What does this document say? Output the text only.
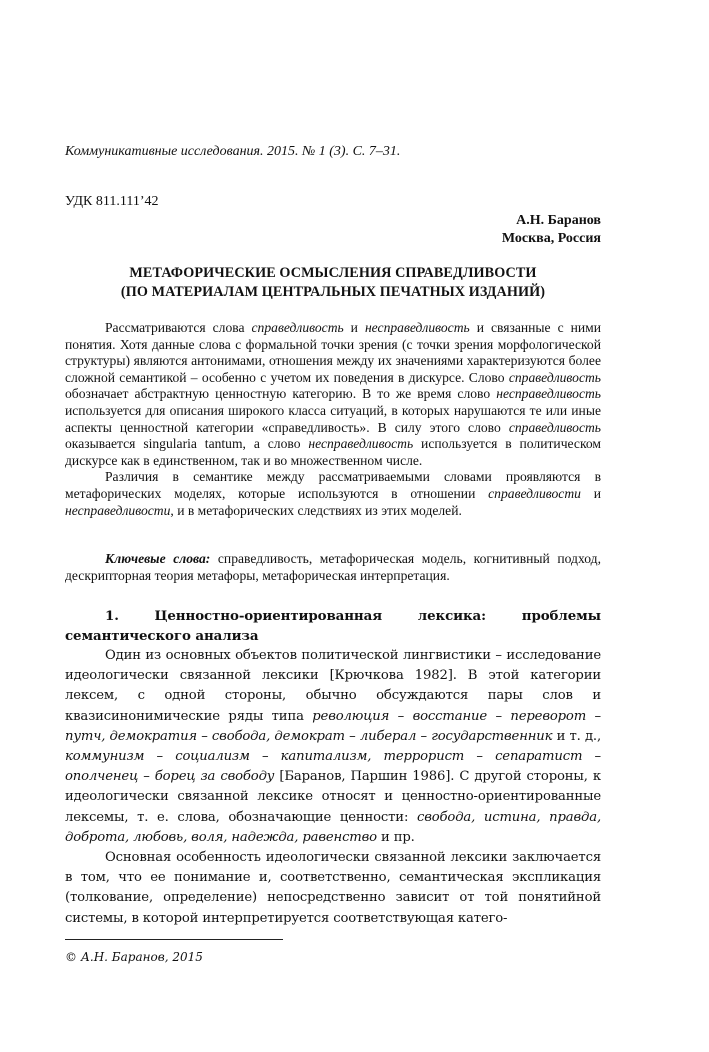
Коммуникативные исследования. 2015. № 1 (3). С. 7–31.
УДК 811.111’42
А.Н. Баранов
Москва, Россия
МЕТАФОРИЧЕСКИЕ ОСМЫСЛЕНИЯ СПРАВЕДЛИВОСТИ
(ПО МАТЕРИАЛАМ ЦЕНТРАЛЬНЫХ ПЕЧАТНЫХ ИЗДАНИЙ)

Рассматриваются слова справедливость и несправедливость и связанные с ними понятия. Хотя данные слова с формальной точки зрения (с точки зрения морфологической структуры) являются антонимами, отношения между их значениями характеризуются более сложной семантикой – особенно с учетом их поведения в дискурсе. Слово справедливость обозначает абстрактную ценностную категорию. В то же время слово несправедливость используется для описания широкого класса ситуаций, в которых нарушаются те или иные аспекты ценностной категории «справедливость». В силу этого слово справедливость оказывается singularia tantum, а слово несправедливость используется в политическом дискурсе как в единственном, так и во множественном числе.

Различия в семантике между рассматриваемыми словами проявляются в метафорических моделях, которые используются в отношении справедливости и несправедливости, и в метафорических следствиях из этих моделей.

Ключевые слова: справедливость, метафорическая модель, когнитивный подход, дескрипторная теория метафоры, метафорическая интерпретация.

1. Ценностно-ориентированная лексика: проблемы семантического анализа

Один из основных объектов политической лингвистики – исследование идеологически связанной лексики [Крючкова 1982]. В этой категории лексем, с одной стороны, обычно обсуждаются пары слов и квазисинонимические ряды типа революция – восстание – переворот – путч, демократия – свобода, демократ – либерал – государственник и т. д., коммунизм – социализм – капитализм, террорист – сепаратист – ополченец – борец за свободу [Баранов, Паршин 1986]. С другой стороны, к идеологически связанной лексике относят и ценностно-ориентированные лексемы, т. е. слова, обозначающие ценности: свобода, истина, правда, доброта, любовь, воля, надежда, равенство и пр.

Основная особенность идеологически связанной лексики заключается в том, что ее понимание и, соответственно, семантическая экспликация (толкование, определение) непосредственно зависит от той понятийной системы, в которой интерпретируется соответствующая катего-

© А.Н. Баранов, 2015
